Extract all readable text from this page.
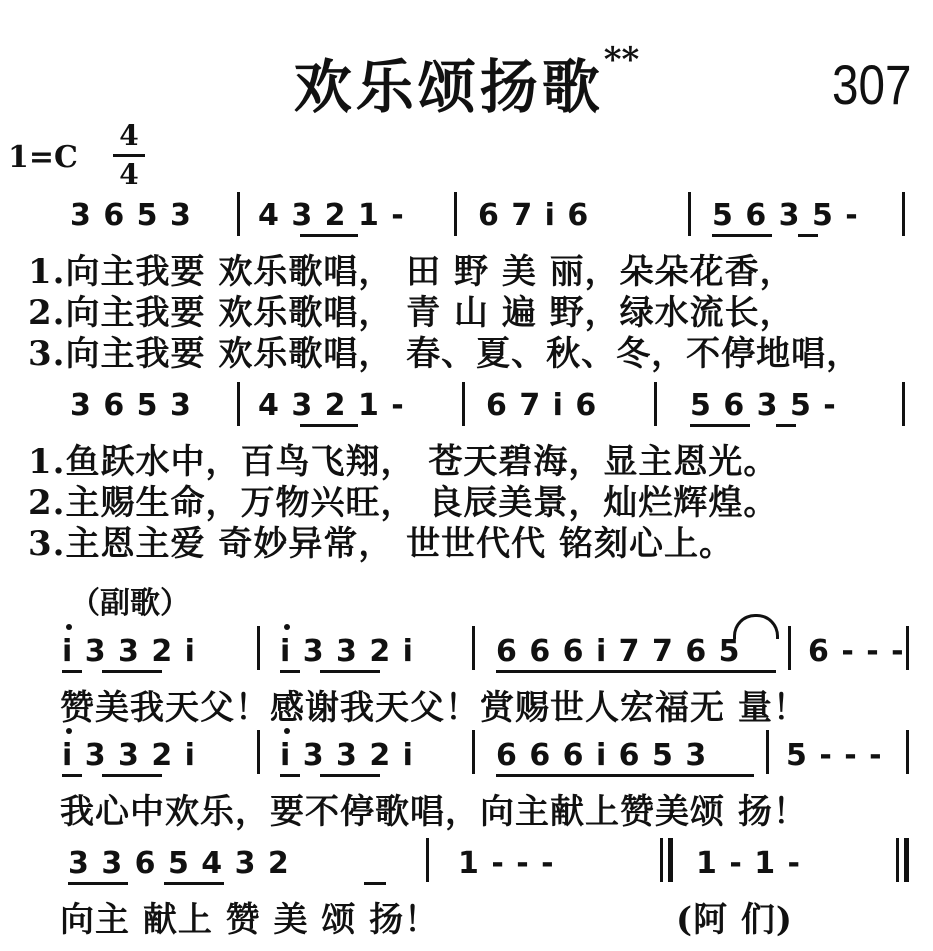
欢乐颂扬歌**	307
1=C
4
4
3 6 5 3 4 3 2 1 - 6 7 i 6	5 6 3 5 -
1.向主我要 欢乐歌唱， 田 野 美 丽，朵朵花香，
2.向主我要 欢乐歌唱， 青 山 遍 野，绿水流长，
3.向主我要 欢乐歌唱， 春、夏、秋、冬，不停地唱，
3 6 5 3 4 3 2 1 -	6 7 i 6	5 6 3 5 -
1.鱼跃水中，百鸟飞翔， 苍天碧海，显主恩光。
2.主赐生命，万物兴旺， 良辰美景，灿烂辉煌。
3.主恩主爱 奇妙异常， 世世代代 铭刻心上。
（副歌）
i 3 3 2 i	i 3 3 2 i	6 6 6 i 7 7 6 5 6 - - -
赞美我天父！感谢我天父！赏赐世人宏福无 量！
i 3 3 2 i	i 3 3 2 i	6 6 6 i 6 5 3	5 - - -
我心中欢乐，要不停歌唱，向主献上赞美颂 扬！
3 3 6 5 4 3 2	1 - - -	1 - 1 -
向主 献上 赞 美 颂 扬！	(阿 们)
